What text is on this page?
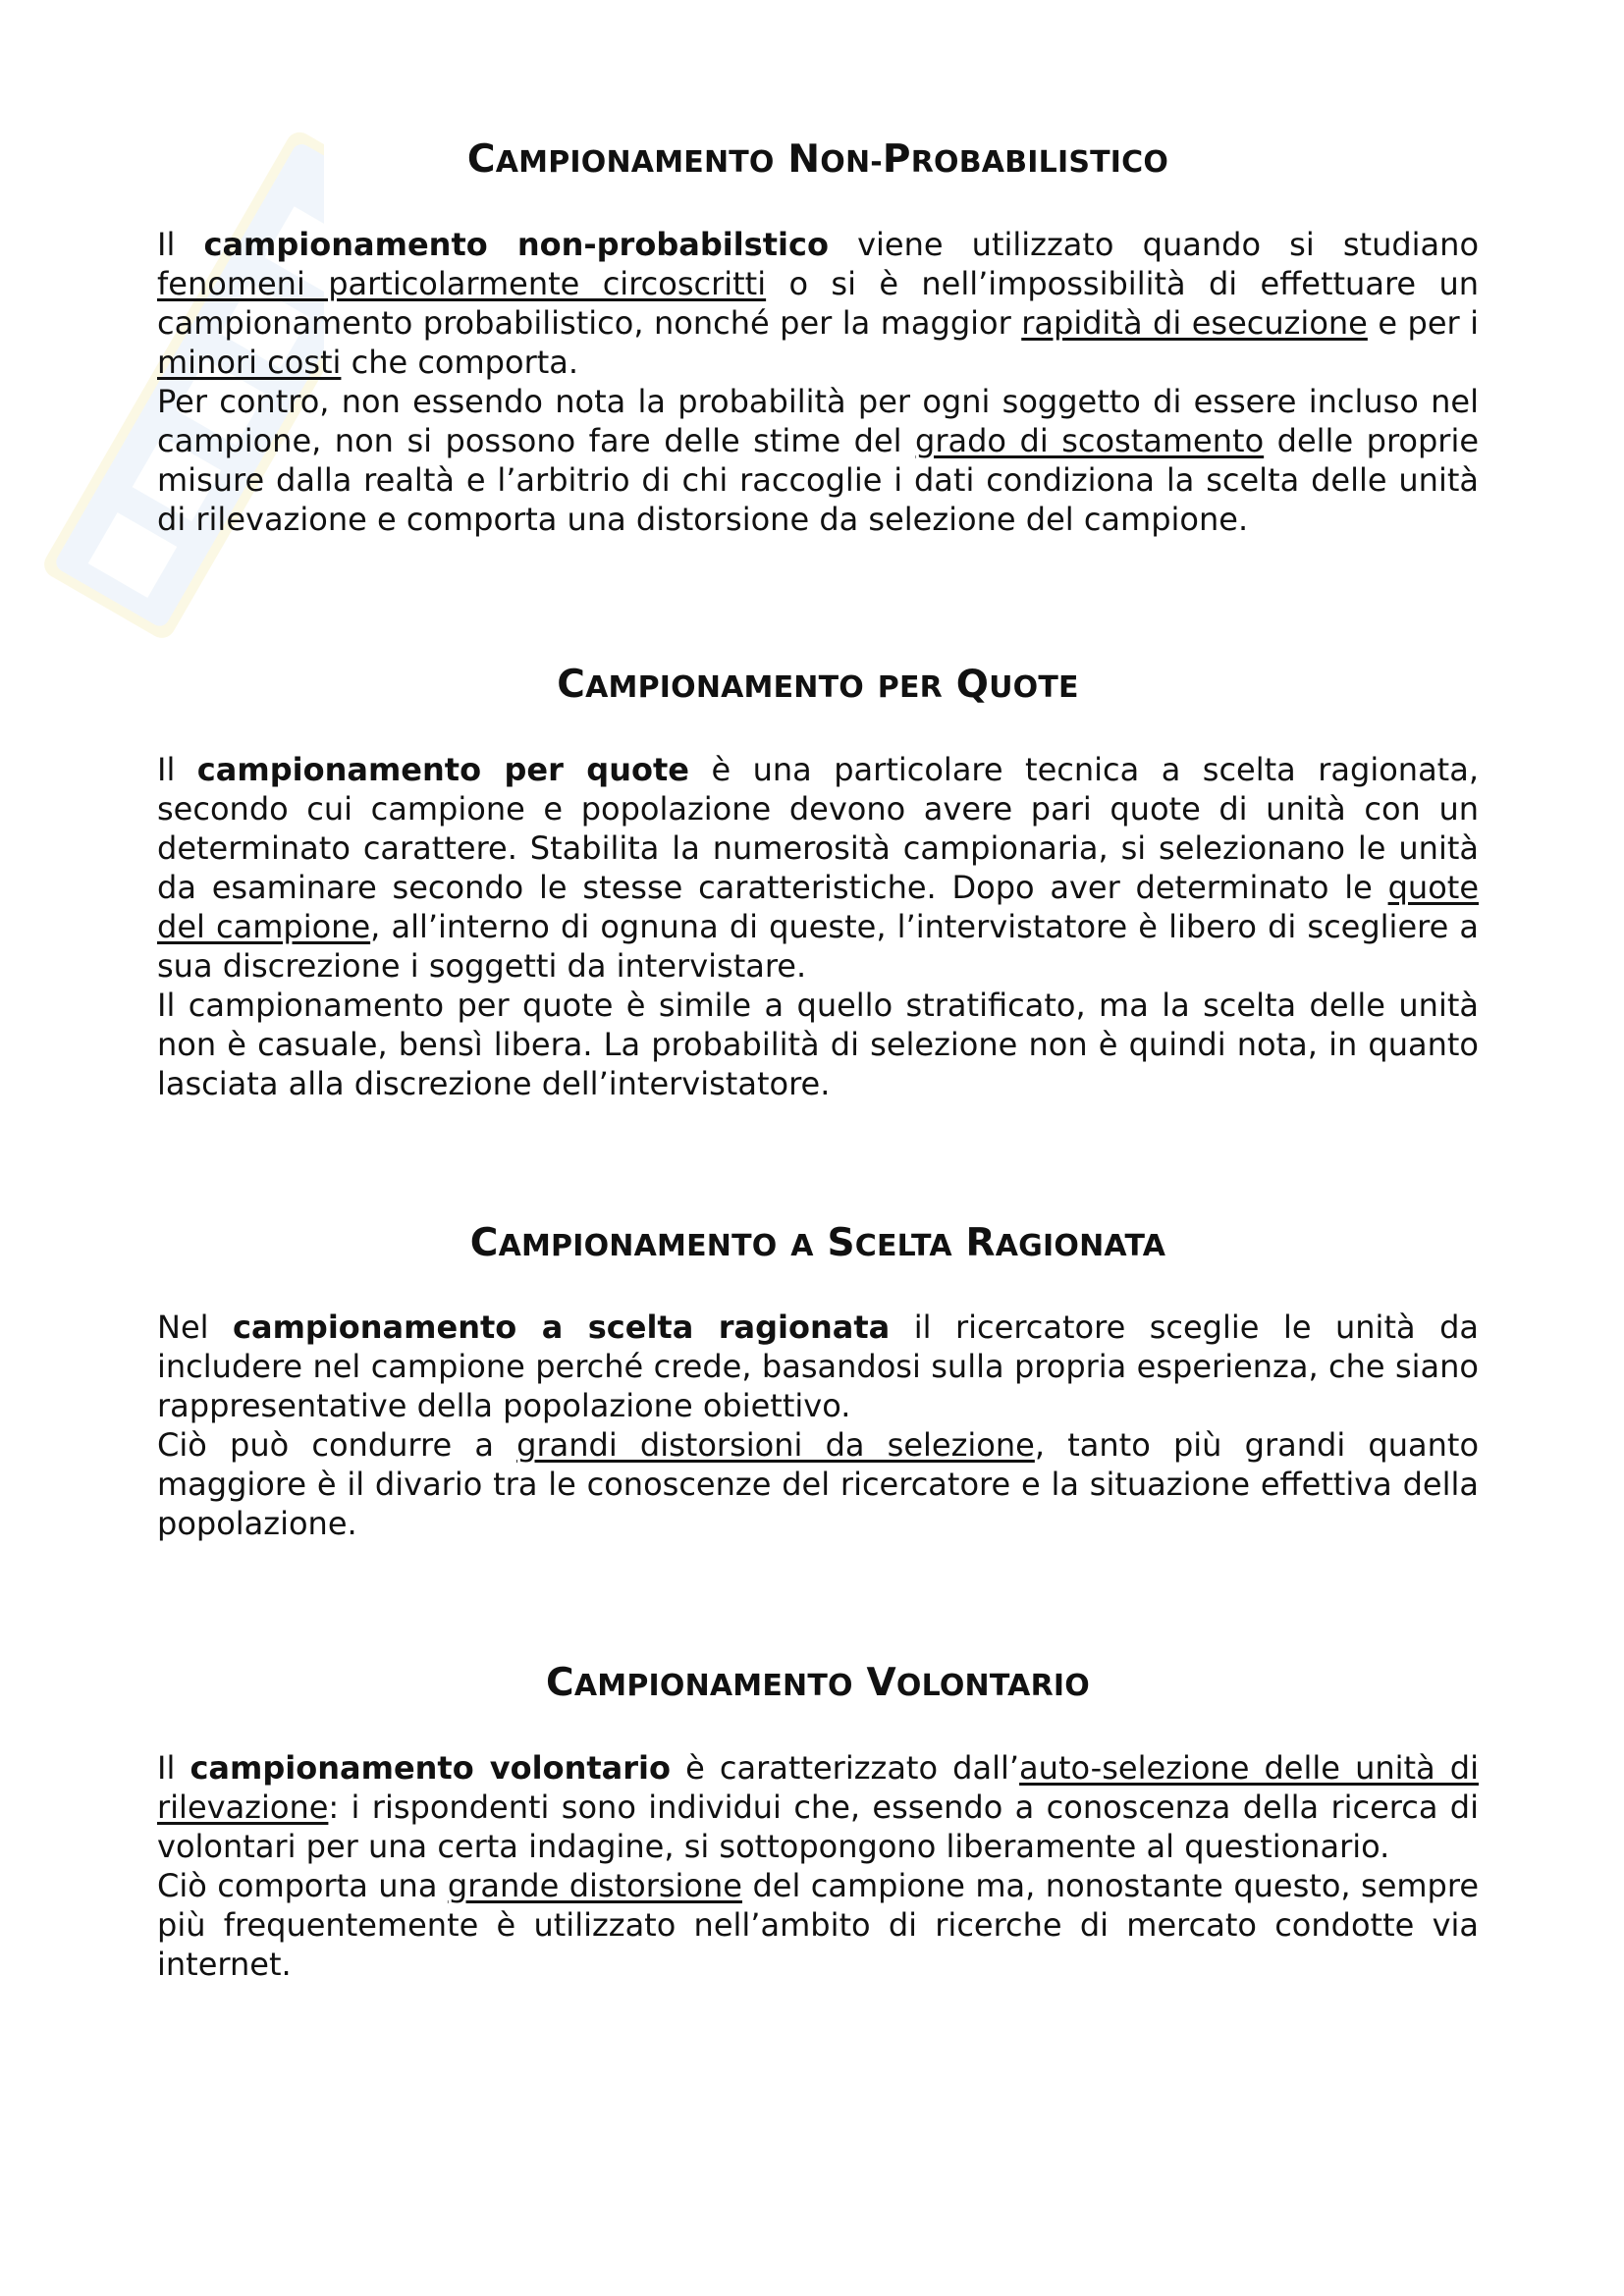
CAMPIONAMENTO NON-PROBABILISTICO

Il campionamento non-probabilstico viene utilizzato quando si studiano fenomeni particolarmente circoscritti o si è nell’impossibilità di effettuare un campionamento probabilistico, nonché per la maggior rapidità di esecuzione e per i minori costi che comporta.

Per contro, non essendo nota la probabilità per ogni soggetto di essere incluso nel campione, non si possono fare delle stime del grado di scostamento delle proprie misure dalla realtà e l’arbitrio di chi raccoglie i dati condiziona la scelta delle unità di rilevazione e comporta una distorsione da selezione del campione.

CAMPIONAMENTO PER QUOTE

Il campionamento per quote è una particolare tecnica a scelta ragionata, secondo cui campione e popolazione devono avere pari quote di unità con un determinato carattere. Stabilita la numerosità campionaria, si selezionano le unità da esaminare secondo le stesse caratteristiche. Dopo aver determinato le quote del campione, all’interno di ognuna di queste, l’intervistatore è libero di scegliere a sua discrezione i soggetti da intervistare.

Il campionamento per quote è simile a quello stratificato, ma la scelta delle unità non è casuale, bensì libera. La probabilità di selezione non è quindi nota, in quanto lasciata alla discrezione dell’intervistatore.

CAMPIONAMENTO A SCELTA RAGIONATA

Nel campionamento a scelta ragionata il ricercatore sceglie le unità da includere nel campione perché crede, basandosi sulla propria esperienza, che siano rappresentative della popolazione obiettivo.

Ciò può condurre a grandi distorsioni da selezione, tanto più grandi quanto maggiore è il divario tra le conoscenze del ricercatore e la situazione effettiva della popolazione.

CAMPIONAMENTO VOLONTARIO

Il campionamento volontario è caratterizzato dall’auto-selezione delle unità di rilevazione: i rispondenti sono individui che, essendo a conoscenza della ricerca di volontari per una certa indagine, si sottopongono liberamente al questionario.

Ciò comporta una grande distorsione del campione ma, nonostante questo, sempre più frequentemente è utilizzato nell’ambito di ricerche di mercato condotte via internet.
